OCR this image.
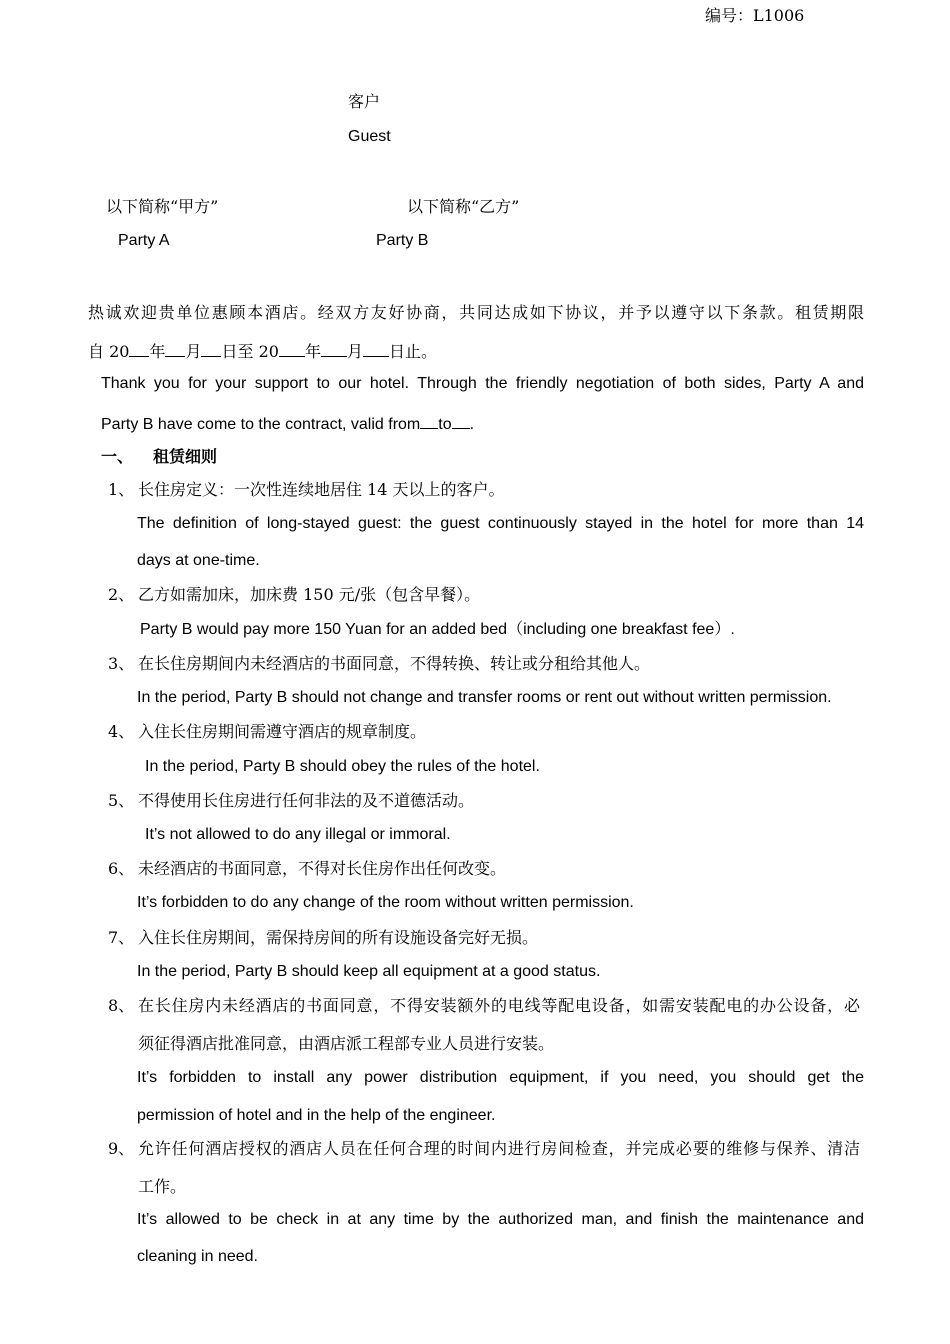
编号：L1006
客户
Guest
以下简称“甲方”	以下简称“乙方”
Party A	Party B
热诚欢迎贵单位惠顾本酒店。经双方友好协商，共同达成如下协议，并予以遵守以下条款。租赁期限
自 20 年 月 日至 20 年 月 日止。
Thank you for your support to our hotel. Through the friendly negotiation of both sides, Party A and
Party B have come to the contract, valid from to .
一、 租赁细则
1、 长住房定义：一次性连续地居住 14 天以上的客户。
The definition of long-stayed guest: the guest continuously stayed in the hotel for more than 14
days at one-time.
2、 乙方如需加床，加床费 150 元/张（包含早餐）。
Party B would pay more 150 Yuan for an added bed（including one breakfast fee）.
3、 在长住房期间内未经酒店的书面同意，不得转换、转让或分租给其他人。
In the period, Party B should not change and transfer rooms or rent out without written permission.
4、 入住长住房期间需遵守酒店的规章制度。
In the period, Party B should obey the rules of the hotel.
5、 不得使用长住房进行任何非法的及不道德活动。
It’s not allowed to do any illegal or immoral.
6、 未经酒店的书面同意，不得对长住房作出任何改变。
It’s forbidden to do any change of the room without written permission.
7、 入住长住房期间，需保持房间的所有设施设备完好无损。
In the period, Party B should keep all equipment at a good status.
8、 在长住房内未经酒店的书面同意，不得安装额外的电线等配电设备，如需安装配电的办公设备，必
须征得酒店批准同意，由酒店派工程部专业人员进行安装。
It’s forbidden to install any power distribution equipment, if you need, you should get the
permission of hotel and in the help of the engineer.
9、 允许任何酒店授权的酒店人员在任何合理的时间内进行房间检查，并完成必要的维修与保养、清洁
工作。
It’s allowed to be check in at any time by the authorized man, and finish the maintenance and
cleaning in need.
